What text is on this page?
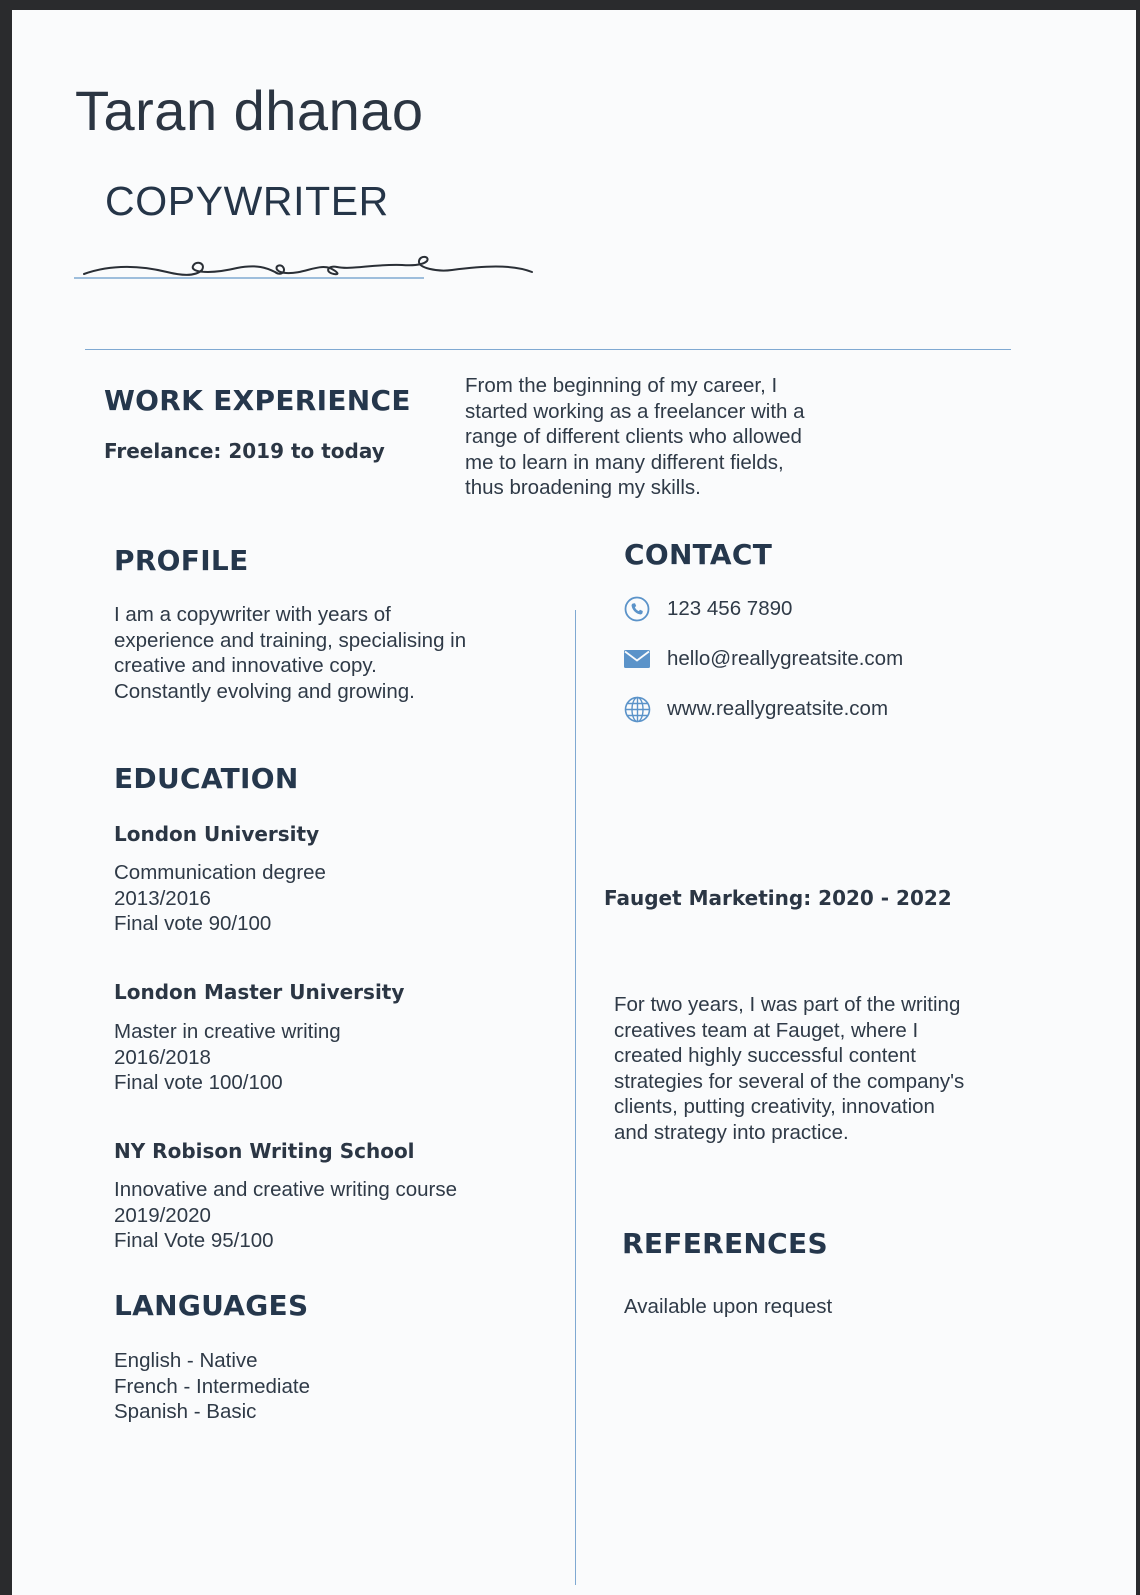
Taran dhanao
COPYWRITER
WORK EXPERIENCE
Freelance: 2019 to today
From the beginning of my career, I
started working as a freelancer with a
range of different clients who allowed
me to learn in many different fields,
thus broadening my skills.
PROFILE
I am a copywriter with years of
experience and training, specialising in
creative and innovative copy.
Constantly evolving and growing.
CONTACT
123 456 7890
hello@reallygreatsite.com
www.reallygreatsite.com
EDUCATION
London University
Communication degree
2013/2016
Final vote 90/100
London Master University
Master in creative writing
2016/2018
Final vote 100/100
NY Robison Writing School
Innovative and creative writing course
2019/2020
Final Vote 95/100
LANGUAGES
English - Native
French - Intermediate
Spanish - Basic
Fauget Marketing: 2020 - 2022
For two years, I was part of the writing
creatives team at Fauget, where I
created highly successful content
strategies for several of the company's
clients, putting creativity, innovation
and strategy into practice.
REFERENCES
Available upon request
